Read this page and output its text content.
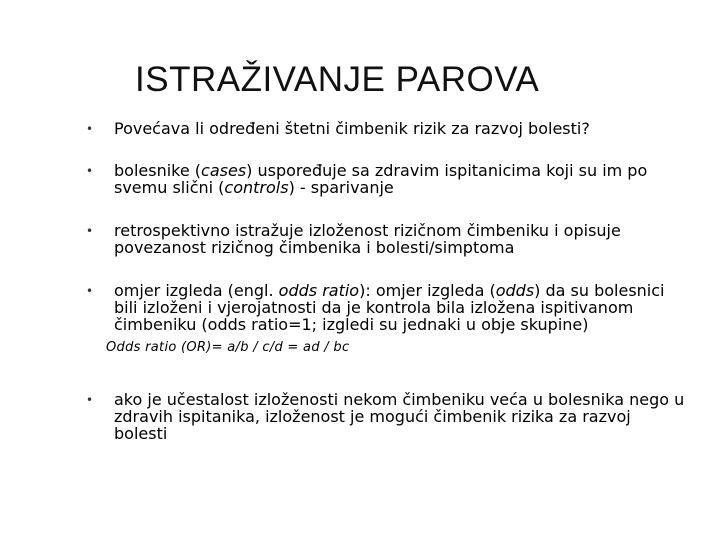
ISTRAŽIVANJE PAROVA
• Povećava li određeni štetni čimbenik rizik za razvoj bolesti?
• bolesnike (cases) uspoređuje sa zdravim ispitanicima koji su im po svemu slični (controls) - sparivanje
• retrospektivno istražuje izloženost rizičnom čimbeniku i opisuje povezanost rizičnog čimbenika i bolesti/simptoma
• omjer izgleda (engl. odds ratio): omjer izgleda (odds) da su bolesnici bili izloženi i vjerojatnosti da je kontrola bila izložena ispitivanom čimbeniku (odds ratio=1; izgledi su jednaki u obje skupine)
Odds ratio (OR)= a/b / c/d = ad / bc
• ako je učestalost izloženosti nekom čimbeniku veća u bolesnika nego u zdravih ispitanika, izloženost je mogući čimbenik rizika za razvoj bolesti
